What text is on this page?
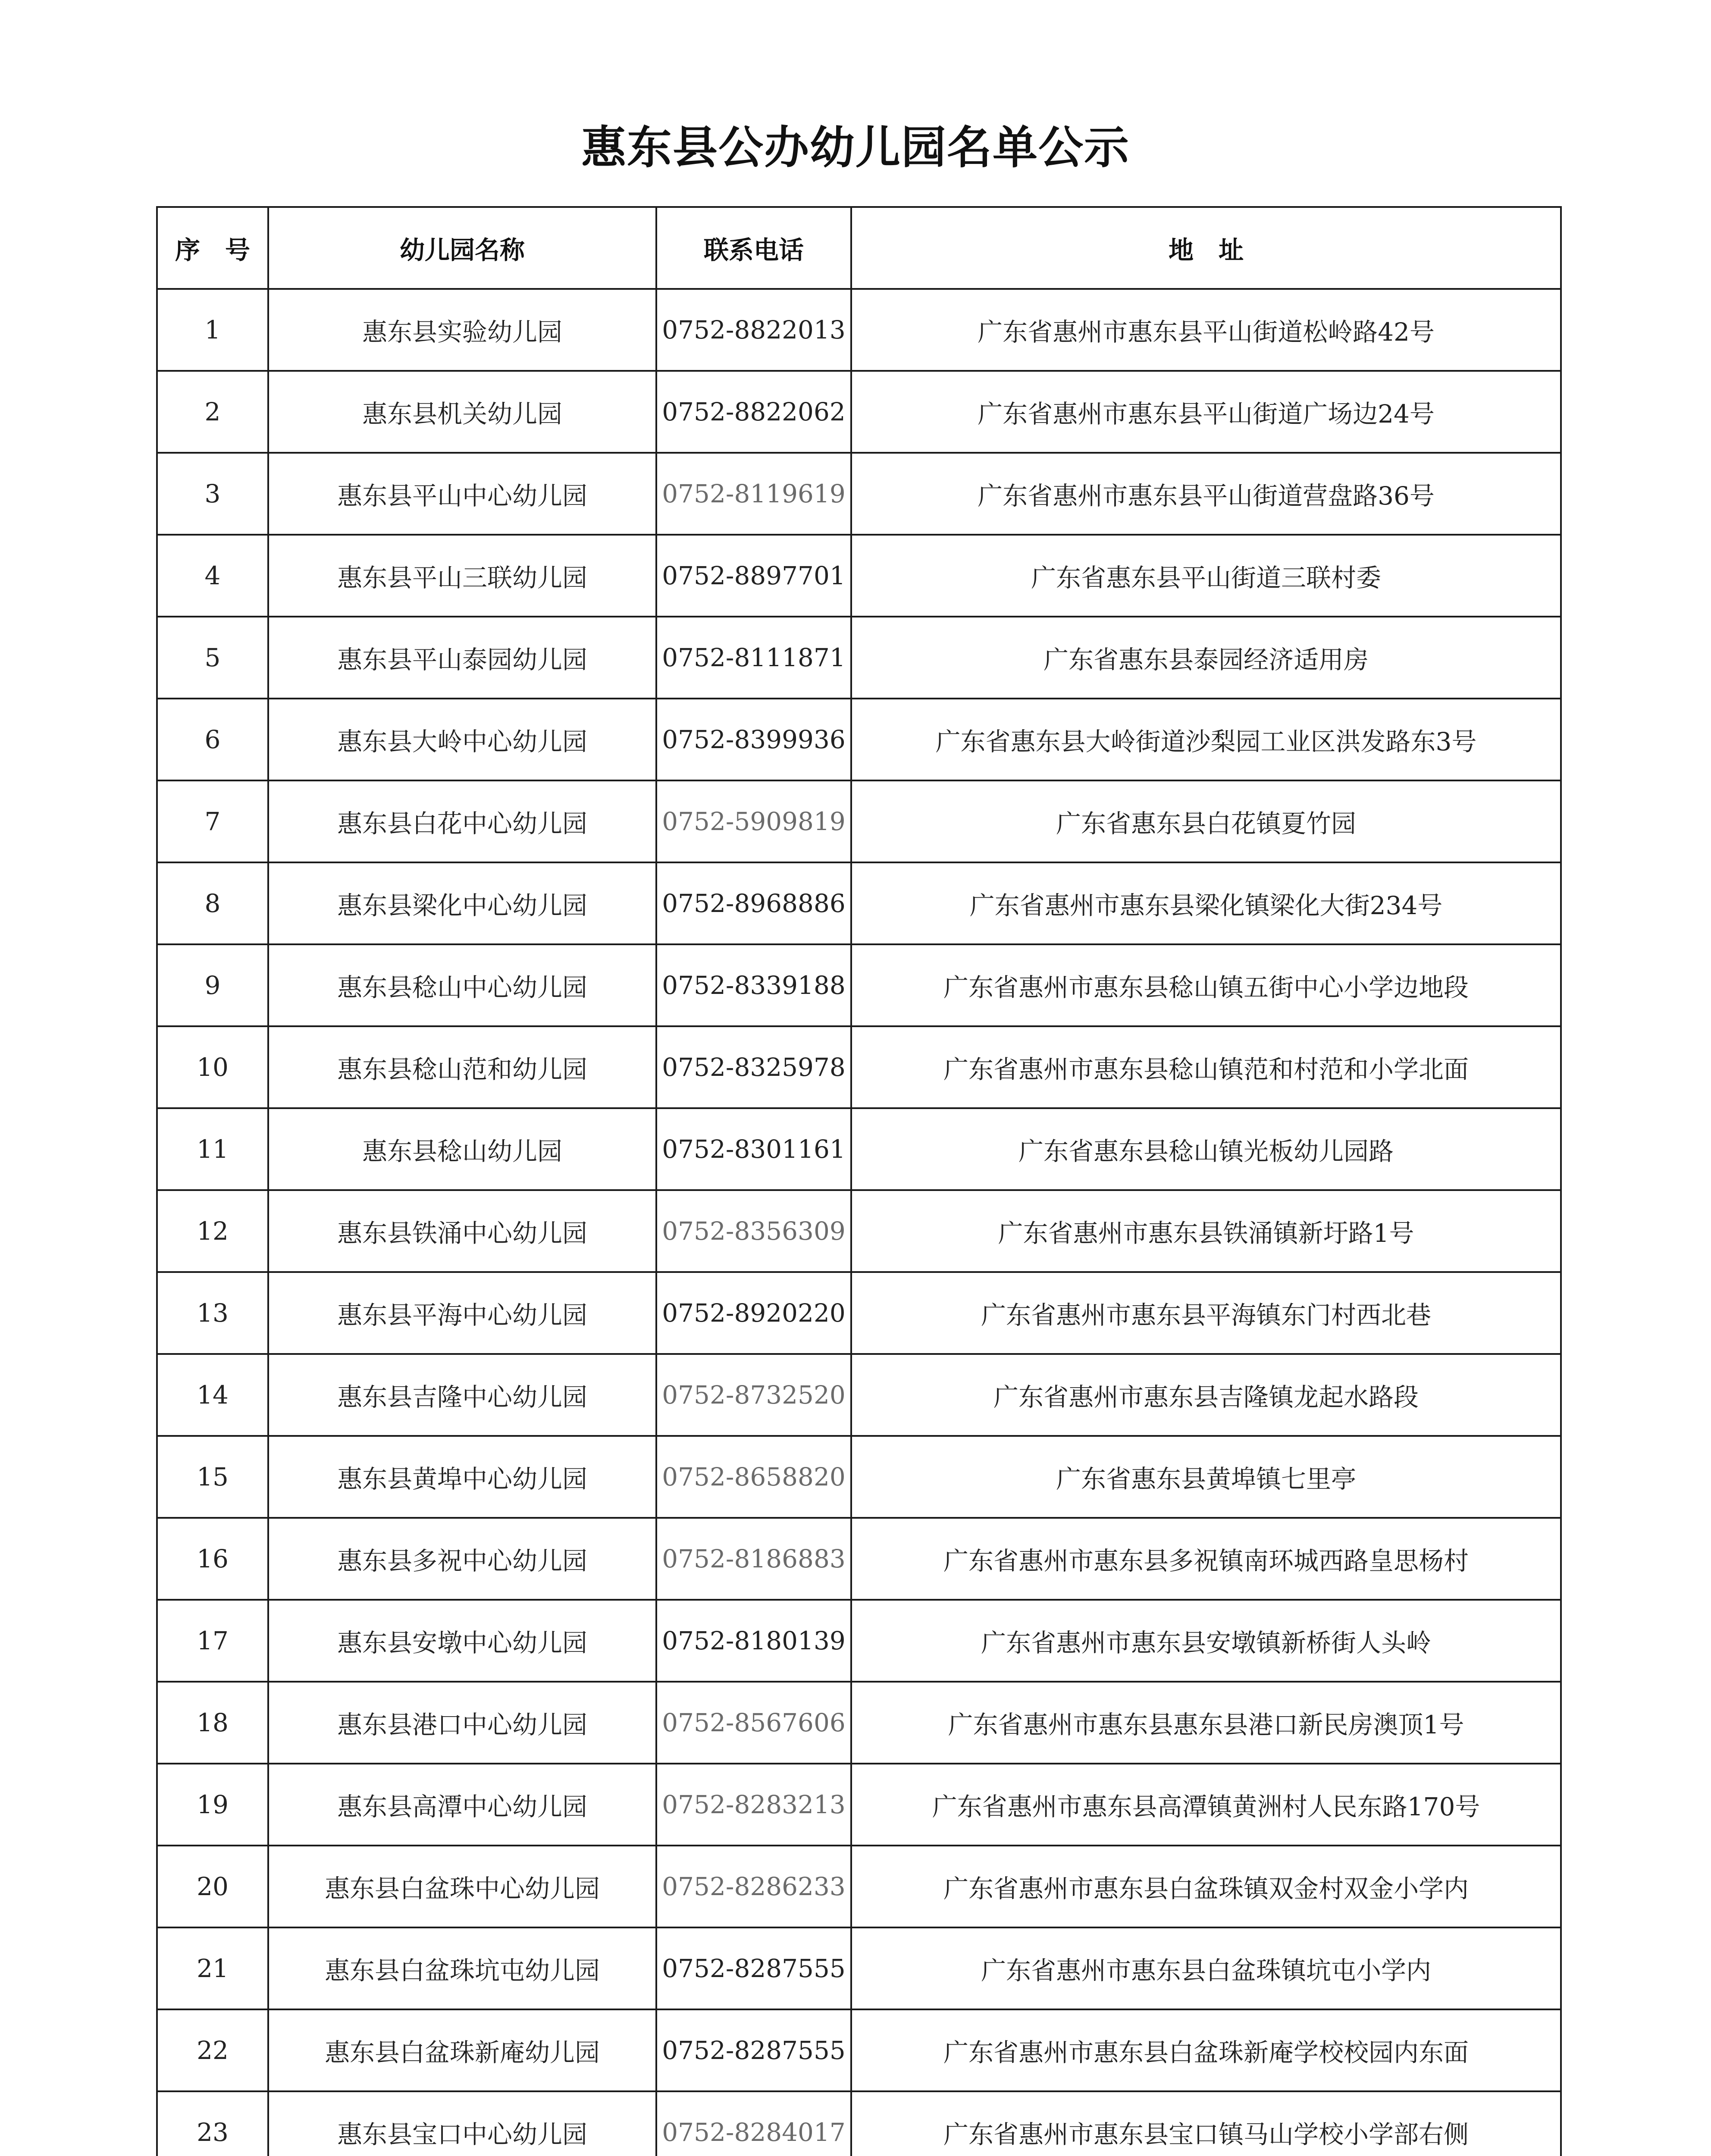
惠东县公办幼儿园名单公示
序　号	幼儿园名称	联系电话	地　址
1	惠东县实验幼儿园	0752-8822013	广东省惠州市惠东县平山街道松岭路42号
2	惠东县机关幼儿园	0752-8822062	广东省惠州市惠东县平山街道广场边24号
3	惠东县平山中心幼儿园	0752-8119619	广东省惠州市惠东县平山街道营盘路36号
4	惠东县平山三联幼儿园	0752-8897701	广东省惠东县平山街道三联村委
5	惠东县平山泰园幼儿园	0752-8111871	广东省惠东县泰园经济适用房
6	惠东县大岭中心幼儿园	0752-8399936	广东省惠东县大岭街道沙梨园工业区洪发路东3号
7	惠东县白花中心幼儿园	0752-5909819	广东省惠东县白花镇夏竹园
8	惠东县梁化中心幼儿园	0752-8968886	广东省惠州市惠东县梁化镇梁化大街234号
9	惠东县稔山中心幼儿园	0752-8339188	广东省惠州市惠东县稔山镇五街中心小学边地段
10	惠东县稔山范和幼儿园	0752-8325978	广东省惠州市惠东县稔山镇范和村范和小学北面
11	惠东县稔山幼儿园	0752-8301161	广东省惠东县稔山镇光板幼儿园路
12	惠东县铁涌中心幼儿园	0752-8356309	广东省惠州市惠东县铁涌镇新圩路1号
13	惠东县平海中心幼儿园	0752-8920220	广东省惠州市惠东县平海镇东门村西北巷
14	惠东县吉隆中心幼儿园	0752-8732520	广东省惠州市惠东县吉隆镇龙起水路段
15	惠东县黄埠中心幼儿园	0752-8658820	广东省惠东县黄埠镇七里亭
16	惠东县多祝中心幼儿园	0752-8186883	广东省惠州市惠东县多祝镇南环城西路皇思杨村
17	惠东县安墩中心幼儿园	0752-8180139	广东省惠州市惠东县安墩镇新桥街人头岭
18	惠东县港口中心幼儿园	0752-8567606	广东省惠州市惠东县惠东县港口新民房澳顶1号
19	惠东县高潭中心幼儿园	0752-8283213	广东省惠州市惠东县高潭镇黄洲村人民东路170号
20	惠东县白盆珠中心幼儿园	0752-8286233	广东省惠州市惠东县白盆珠镇双金村双金小学内
21	惠东县白盆珠坑屯幼儿园	0752-8287555	广东省惠州市惠东县白盆珠镇坑屯小学内
22	惠东县白盆珠新庵幼儿园	0752-8287555	广东省惠州市惠东县白盆珠新庵学校校园内东面
23	惠东县宝口中心幼儿园	0752-8284017	广东省惠州市惠东县宝口镇马山学校小学部右侧
